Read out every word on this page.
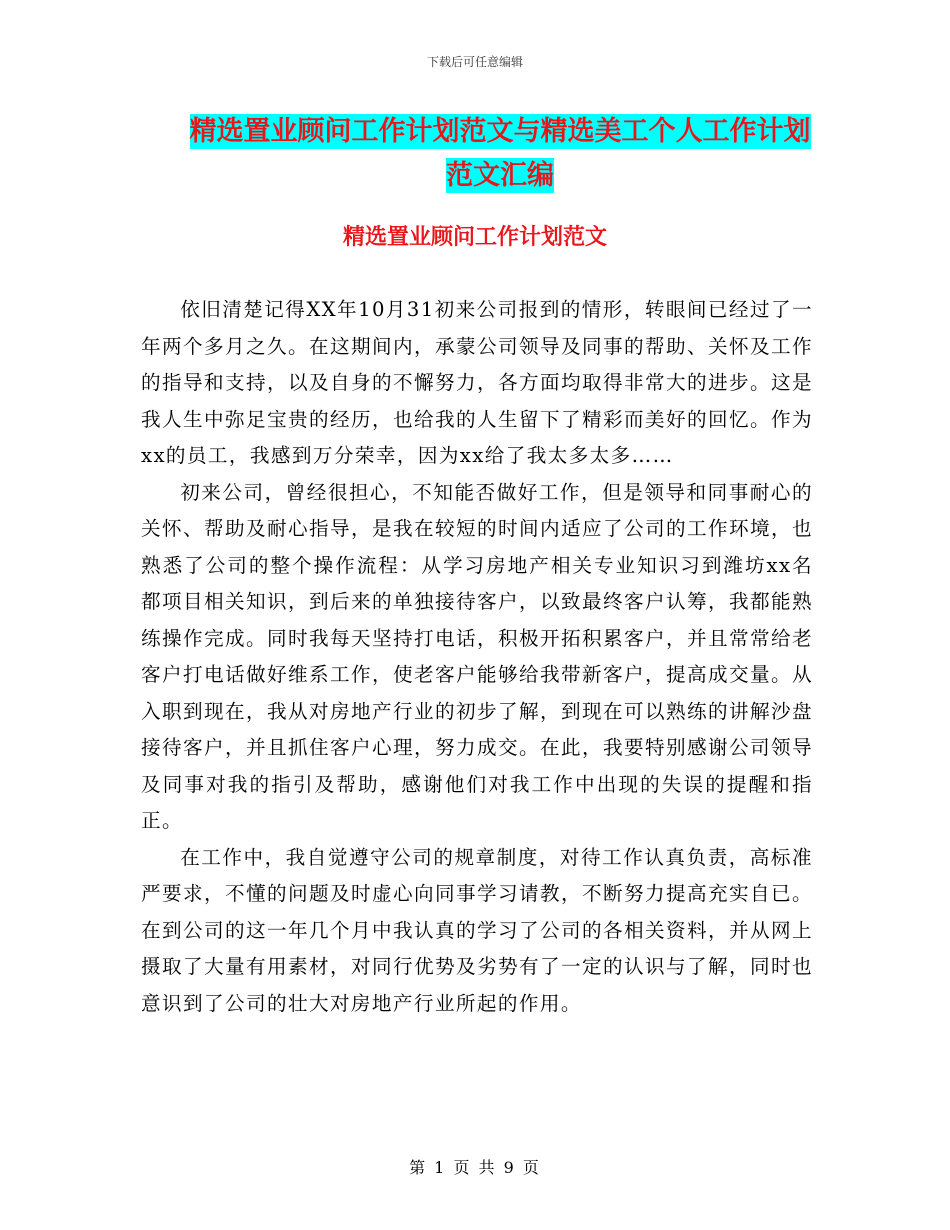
下载后可任意编辑
精选置业顾问工作计划范文与精选美工个人工作计划
范文汇编
精选置业顾问工作计划范文

依旧清楚记得XX年10月31初来公司报到的情形，转眼间已经过了一年两个多月之久。在这期间内，承蒙公司领导及同事的帮助、关怀及工作的指导和支持，以及自身的不懈努力，各方面均取得非常大的进步。这是我人生中弥足宝贵的经历，也给我的人生留下了精彩而美好的回忆。作为xx的员工，我感到万分荣幸，因为xx给了我太多太多……

初来公司，曾经很担心，不知能否做好工作，但是领导和同事耐心的关怀、帮助及耐心指导，是我在较短的时间内适应了公司的工作环境，也熟悉了公司的整个操作流程：从学习房地产相关专业知识习到潍坊xx名都项目相关知识，到后来的单独接待客户，以致最终客户认筹，我都能熟练操作完成。同时我每天坚持打电话，积极开拓积累客户，并且常常给老客户打电话做好维系工作，使老客户能够给我带新客户，提高成交量。从入职到现在，我从对房地产行业的初步了解，到现在可以熟练的讲解沙盘接待客户，并且抓住客户心理，努力成交。在此，我要特别感谢公司领导及同事对我的指引及帮助，感谢他们对我工作中出现的失误的提醒和指正。

在工作中，我自觉遵守公司的规章制度，对待工作认真负责，高标准严要求，不懂的问题及时虚心向同事学习请教，不断努力提高充实自已。在到公司的这一年几个月中我认真的学习了公司的各相关资料，并从网上摄取了大量有用素材，对同行优势及劣势有了一定的认识与了解，同时也意识到了公司的壮大对房地产行业所起的作用。

第 1 页 共 9 页
